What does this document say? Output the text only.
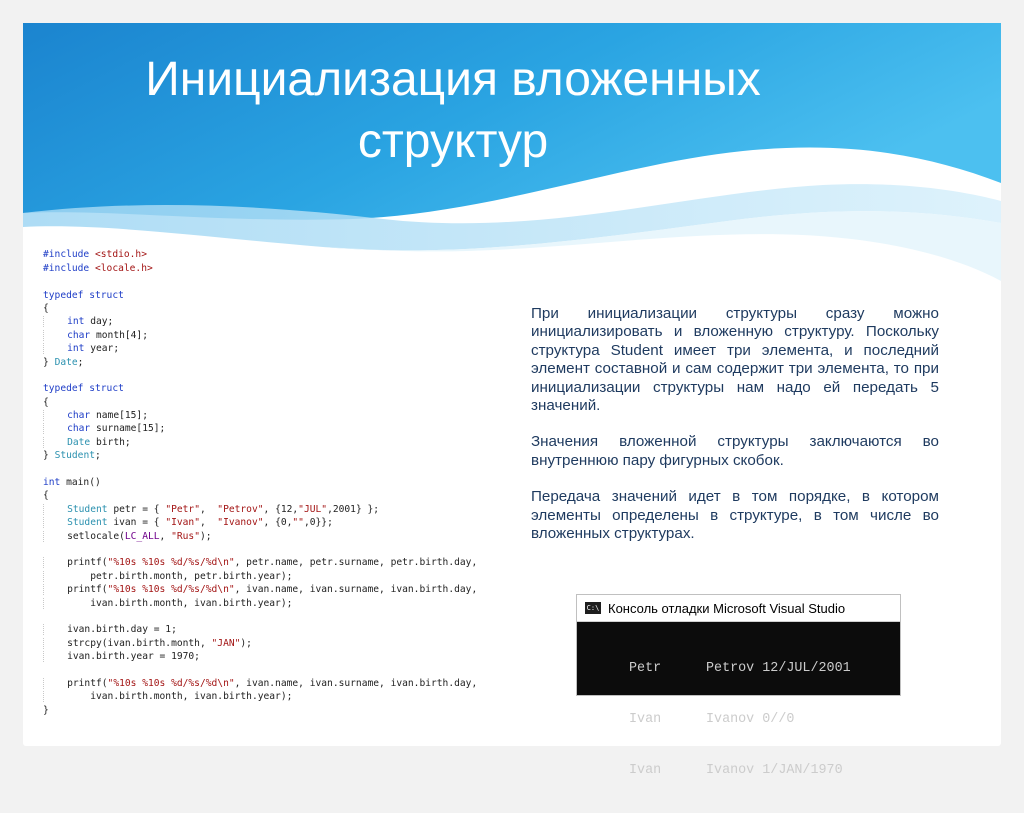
Инициализация вложенных
структур

#include <stdio.h>
#include <locale.h>
typedef struct
{
int day;
char month[4];
int year;
} Date;
typedef struct
{
char name[15];
char surname[15];
Date birth;
} Student;
int main()
{
Student petr = { "Petr",  "Petrov", {12,"JUL",2001} };
Student ivan = { "Ivan",  "Ivanov", {0,"",0}};
setlocale(LC_ALL, "Rus");
printf("%10s %10s %d/%s/%d\n", petr.name, petr.surname, petr.birth.day,
petr.birth.month, petr.birth.year);
printf("%10s %10s %d/%s/%d\n", ivan.name, ivan.surname, ivan.birth.day,
ivan.birth.month, ivan.birth.year);
ivan.birth.day = 1;
strcpy(ivan.birth.month, "JAN");
ivan.birth.year = 1970;
printf("%10s %10s %d/%s/%d\n", ivan.name, ivan.surname, ivan.birth.day,
ivan.birth.month, ivan.birth.year);
}

При инициализации структуры сразу можно инициализировать и вложенную структуру. Поскольку структура Student имеет три элемента, и последний элемент составной и сам содержит три элемента, то при инициализации структуры нам надо ей передать 5 значений.

Значения вложенной структуры заключаются во внутреннюю пару фигурных скобок.

Передача значений идет в том порядке, в котором элементы определены в структуре, в том числе во вложенных структурах.

C:\ Консоль отладки Microsoft Visual Studio

Petr	Petrov 12/JUL/2001

Ivan	Ivanov 0//0

Ivan	Ivanov 1/JAN/1970
